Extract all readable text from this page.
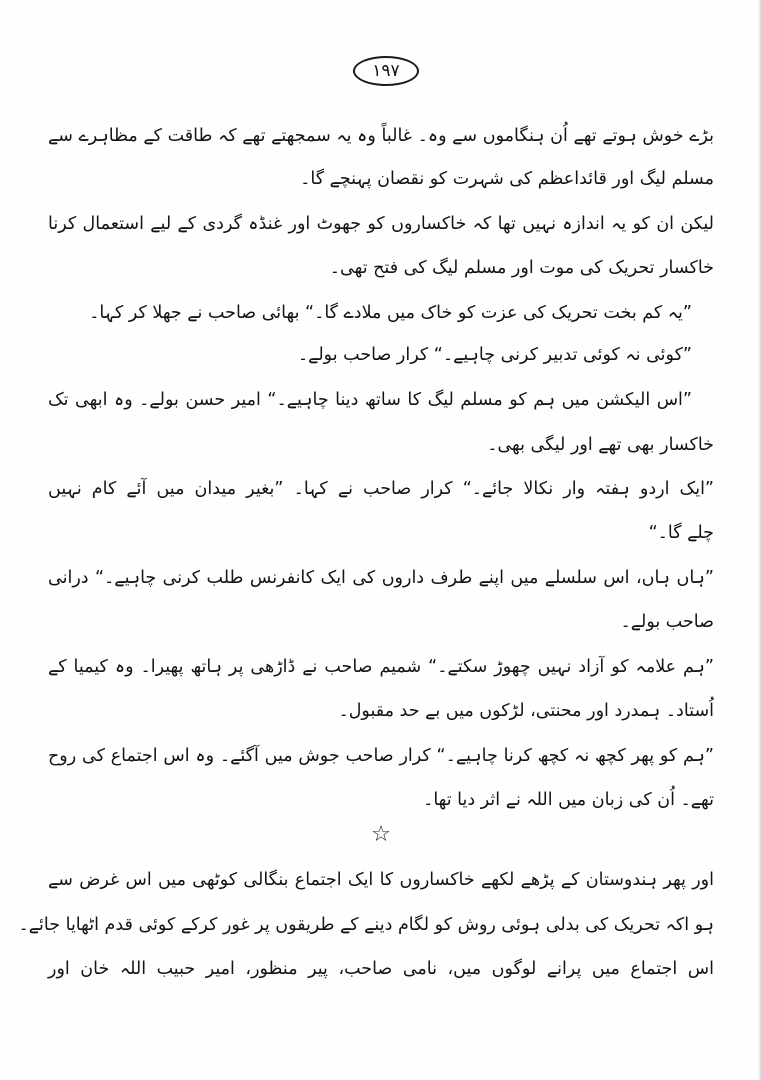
۱۹۷
بڑے خوش ہوتے تھے اُن ہنگاموں سے وہ۔ غالباً وہ یہ سمجھتے تھے کہ طاقت کے مظاہرے سے
مسلم لیگ اور قائداعظم کی شہرت کو نقصان پہنچے گا۔
لیکن ان کو یہ اندازہ نہیں تھا کہ خاکساروں کو جھوٹ اور غنڈہ گردی کے لیے استعمال کرنا
خاکسار تحریک کی موت اور مسلم لیگ کی فتح تھی۔
”یہ کم بخت تحریک کی عزت کو خاک میں ملادے گا۔“ بھائی صاحب نے جھلا کر کہا۔
”کوئی نہ کوئی تدبیر کرنی چاہیے۔“ کرار صاحب بولے۔
”اس الیکشن میں ہم کو مسلم لیگ کا ساتھ دینا چاہیے۔“ امیر حسن بولے۔ وہ ابھی تک
خاکسار بھی تھے اور لیگی بھی۔
”ایک اردو ہفتہ وار نکالا جائے۔“ کرار صاحب نے کہا۔ ”بغیر میدان میں آئے کام نہیں
چلے گا۔“
”ہاں ہاں، اس سلسلے میں اپنے طرف داروں کی ایک کانفرنس طلب کرنی چاہیے۔“ درانی
صاحب بولے۔
”ہم علامہ کو آزاد نہیں چھوڑ سکتے۔“ شمیم صاحب نے ڈاڑھی پر ہاتھ پھیرا۔ وہ کیمیا کے
اُستاد۔ ہمدرد اور محنتی، لڑکوں میں بے حد مقبول۔
”ہم کو پھر کچھ نہ کچھ کرنا چاہیے۔“ کرار صاحب جوش میں آگئے۔ وہ اس اجتماع کی روح
تھے۔ اُن کی زبان میں اللہ نے اثر دیا تھا۔
اور پھر ہندوستان کے پڑھے لکھے خاکساروں کا ایک اجتماع بنگالی کوٹھی میں اس غرض سے
ہو اکہ تحریک کی بدلی ہوئی روش کو لگام دینے کے طریقوں پر غور کرکے کوئی قدم اٹھایا جائے۔
اس اجتماع میں پرانے لوگوں میں، نامی صاحب، پیر منظور، امیر حبیب اللہ خان اور
☆
